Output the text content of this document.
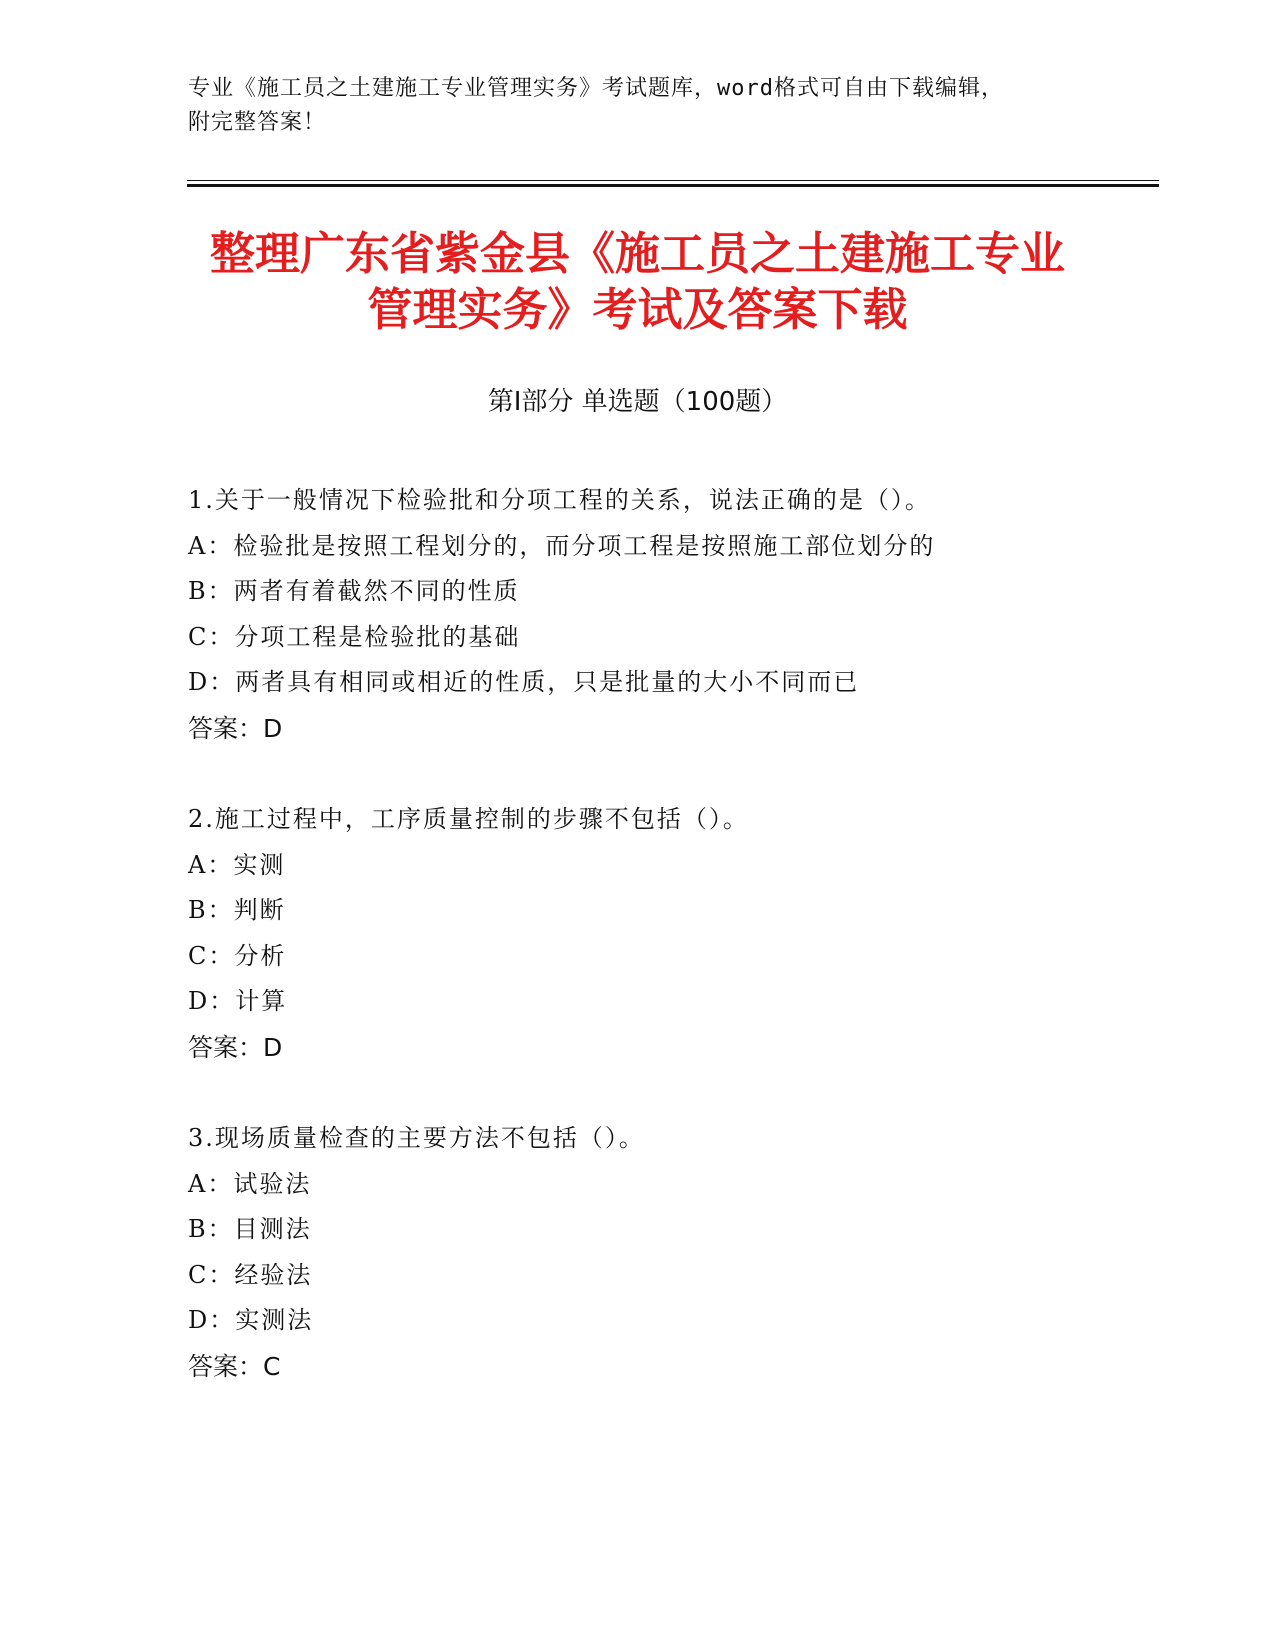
专业《施工员之土建施工专业管理实务》考试题库，word格式可自由下载编辑，
附完整答案！
整理广东省紫金县《施工员之土建施工专业
管理实务》考试及答案下载
第Ⅰ部分 单选题（100题）
1.关于一般情况下检验批和分项工程的关系，说法正确的是（）。
A：检验批是按照工程划分的，而分项工程是按照施工部位划分的
B：两者有着截然不同的性质
C：分项工程是检验批的基础
D：两者具有相同或相近的性质，只是批量的大小不同而已
答案：D
2.施工过程中，工序质量控制的步骤不包括（）。
A：实测
B：判断
C：分析
D：计算
答案：D
3.现场质量检查的主要方法不包括（）。
A：试验法
B：目测法
C：经验法
D：实测法
答案：C
